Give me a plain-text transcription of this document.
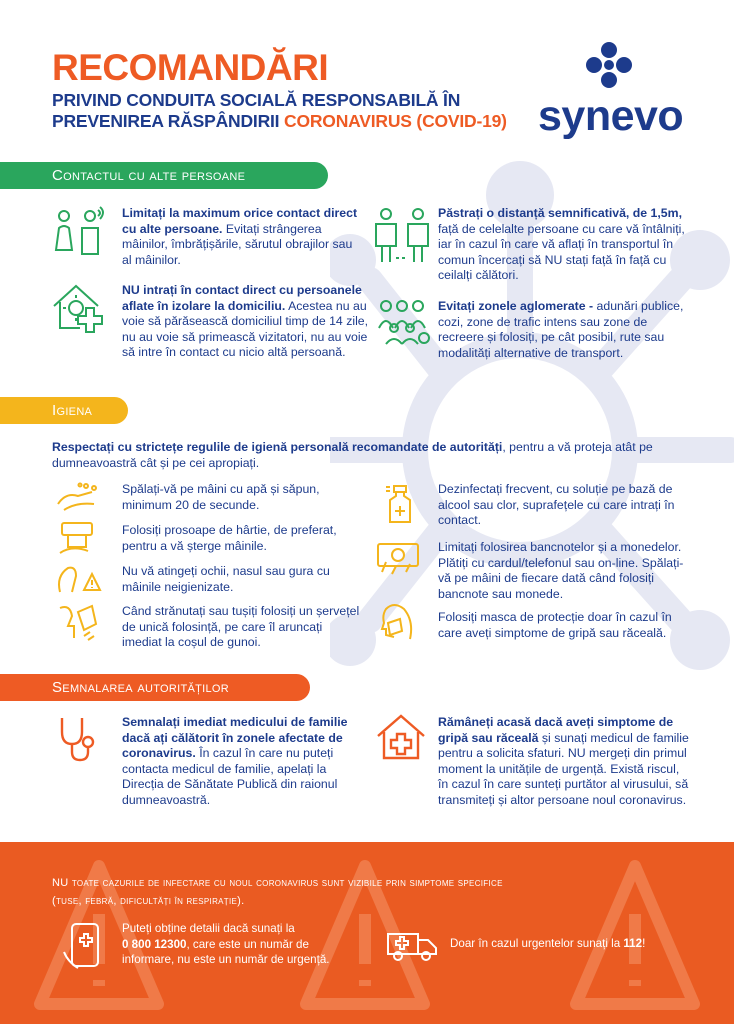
RECOMANDĂRI
PRIVIND CONDUITA SOCIALĂ RESPONSABILĂ ÎN
PREVENIREA RĂSPÂNDIRII CORONAVIRUS (COVID-19) synevo
Contactul cu alte persoane
Limitați la maximum orice contact direct cu alte persoane. Evitați strângerea mâinilor, îmbrățișările, sărutul obrajilor sau al mâinilor.
Păstrați o distanță semnificativă, de 1,5m, față de celelalte persoane cu care vă întâlniți, iar în cazul în care vă aflați în transportul în comun încercați să NU stați față în față cu ceilalți călători.
NU intrați în contact direct cu persoanele aflate în izolare la domiciliu. Acestea nu au voie să părăsească domiciliul timp de 14 zile, nu au voie să primească vizitatori, nu au voie să intre în contact cu nicio altă persoană.
Evitați zonele aglomerate - adunări publice, cozi, zone de trafic intens sau zone de recreere și folosiți, pe cât posibil, rute sau modalități alternative de transport.
Igiena
Respectați cu strictețe regulile de igienă personală recomandate de autorități, pentru a vă proteja atât pe dumneavoastră cât și pe cei apropiați.
Spălați-vă pe mâini cu apă și săpun, minimum 20 de secunde.
Folosiți prosoape de hârtie, de preferat, pentru a vă șterge mâinile.
Nu vă atingeți ochii, nasul sau gura cu mâinile neigienizate.
Când strănutați sau tușiți folosiți un șervețel de unică folosință, pe care îl aruncați imediat la coșul de gunoi.
Dezinfectați frecvent, cu soluție pe bază de alcool sau clor, suprafețele cu care intrați în contact.
Limitați folosirea bancnotelor și a monedelor. Plătiți cu cardul/telefonul sau on-line. Spălați-vă pe mâini de fiecare dată când folosiți bancnote sau monede.
Folosiți masca de protecție doar în cazul în care aveți simptome de gripă sau răceală.
Semnalarea autorităților
Semnalați imediat medicului de familie dacă ați călătorit în zonele afectate de coronavirus. În cazul în care nu puteți contacta medicul de familie, apelați la Direcția de Sănătate Publică din raionul dumneavoastră.
Rămâneți acasă dacă aveți simptome de gripă sau răceală și sunați medicul de familie pentru a solicita sfaturi. NU mergeți din primul moment la unitățile de urgență. Există riscul, în cazul în care sunteți purtător al virusului, să transmiteți și altor persoane noul coronavirus.
NU toate cazurile de infectare cu noul coronavirus sunt vizibile prin simptome specifice
(tuse, febră, dificultăți în respirație).
Puteți obține detalii dacă sunați la
0 800 12300, care este un număr de informare, nu este un număr de urgență.
Doar în cazul urgentelor sunați la 112!
